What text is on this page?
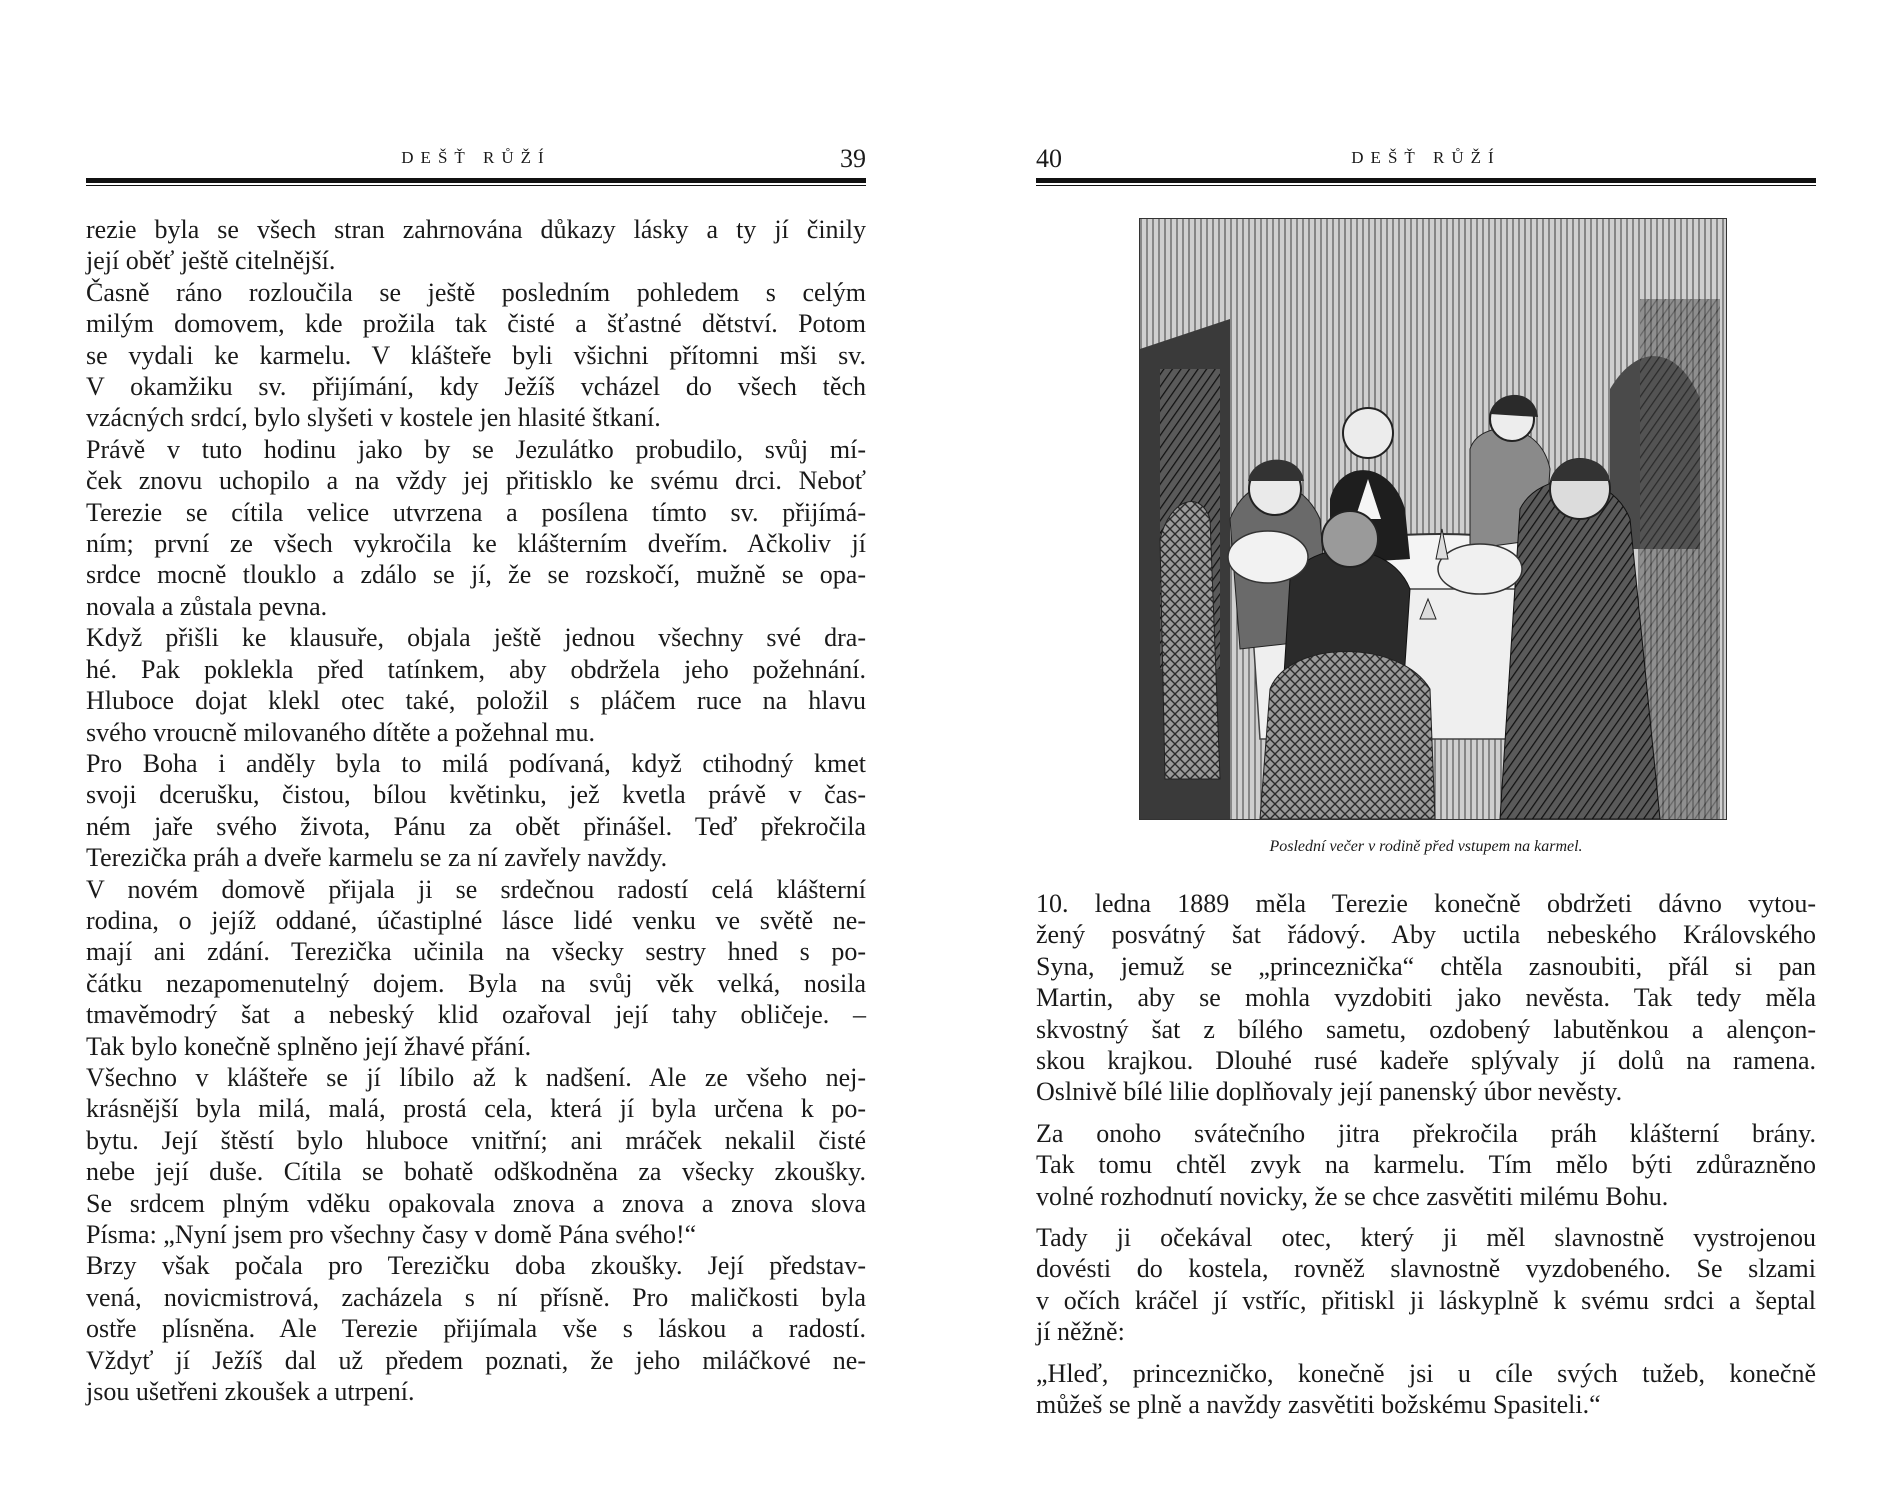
DEŠŤ RŮŽÍ	39
rezie byla se všech stran zahrnována důkazy lásky a ty jí činily
její oběť ještě citelnější.
Časně ráno rozloučila se ještě posledním pohledem s celým
milým domovem, kde prožila tak čisté a šťastné dětství. Potom
se vydali ke karmelu. V klášteře byli všichni přítomni mši sv.
V okamžiku sv. přijímání, kdy Ježíš vcházel do všech těch
vzácných srdcí, bylo slyšeti v kostele jen hlasité štkaní.
Právě v tuto hodinu jako by se Jezulátko probudilo, svůj mí-
ček znovu uchopilo a na vždy jej přitisklo ke svému drci. Neboť
Terezie se cítila velice utvrzena a posílena tímto sv. přijímá-
ním; první ze všech vykročila ke klášterním dveřím. Ačkoliv jí
srdce mocně tlouklo a zdálo se jí, že se rozskočí, mužně se opa-
novala a zůstala pevna.
Když přišli ke klausuře, objala ještě jednou všechny své dra-
hé. Pak poklekla před tatínkem, aby obdržela jeho požehnání.
Hluboce dojat klekl otec také, položil s pláčem ruce na hlavu
svého vroucně milovaného dítěte a požehnal mu.
Pro Boha i anděly byla to milá podívaná, když ctihodný kmet
svoji dcerušku, čistou, bílou květinku, jež kvetla právě v čas-
ném jaře svého života, Pánu za obět přinášel. Teď překročila
Terezička práh a dveře karmelu se za ní zavřely navždy.
V novém domově přijala ji se srdečnou radostí celá klášterní
rodina, o jejíž oddané, účastiplné lásce lidé venku ve světě ne-
mají ani zdání. Terezička učinila na všecky sestry hned s po-
čátku nezapomenutelný dojem. Byla na svůj věk velká, nosila
tmavěmodrý šat a nebeský klid ozařoval její tahy obličeje. –
Tak bylo konečně splněno její žhavé přání.
Všechno v klášteře se jí líbilo až k nadšení. Ale ze všeho nej-
krásnější byla milá, malá, prostá cela, která jí byla určena k po-
bytu. Její štěstí bylo hluboce vnitřní; ani mráček nekalil čisté
nebe její duše. Cítila se bohatě odškodněna za všecky zkoušky.
Se srdcem plným vděku opakovala znova a znova a znova slova
Písma: „Nyní jsem pro všechny časy v domě Pána svého!“
Brzy však počala pro Terezičku doba zkoušky. Její představ-
vená, novicmistrová, zacházela s ní přísně. Pro maličkosti byla
ostře plísněna. Ale Terezie přijímala vše s láskou a radostí.
Vždyť jí Ježíš dal už předem poznati, že jeho miláčkové ne-
jsou ušetřeni zkoušek a utrpení.
DEŠŤ RŮŽÍ
40
Poslední večer v rodině před vstupem na karmel.
10. ledna 1889 měla Terezie konečně obdržeti dávno vytou-
žený posvátný šat řádový. Aby uctila nebeského Královského
Syna, jemuž se „princeznička“ chtěla zasnoubiti, přál si pan
Martin, aby se mohla vyzdobiti jako nevěsta. Tak tedy měla
skvostný šat z bílého sametu, ozdobený labutěnkou a alençon-
skou krajkou. Dlouhé rusé kadeře splývaly jí dolů na ramena.
Oslnivě bílé lilie doplňovaly její panenský úbor nevěsty.
Za onoho svátečního jitra překročila práh klášterní brány.
Tak tomu chtěl zvyk na karmelu. Tím mělo býti zdůrazněno
volné rozhodnutí novicky, že se chce zasvětiti milému Bohu.
Tady ji očekával otec, který ji měl slavnostně vystrojenou
dovésti do kostela, rovněž slavnostně vyzdobeného. Se slzami
v očích kráčel jí vstříc, přitiskl ji láskyplně k svému srdci a šeptal
jí něžně:
„Hleď, princezničko, konečně jsi u cíle svých tužeb, konečně
můžeš se plně a navždy zasvětiti božskému Spasiteli.“
